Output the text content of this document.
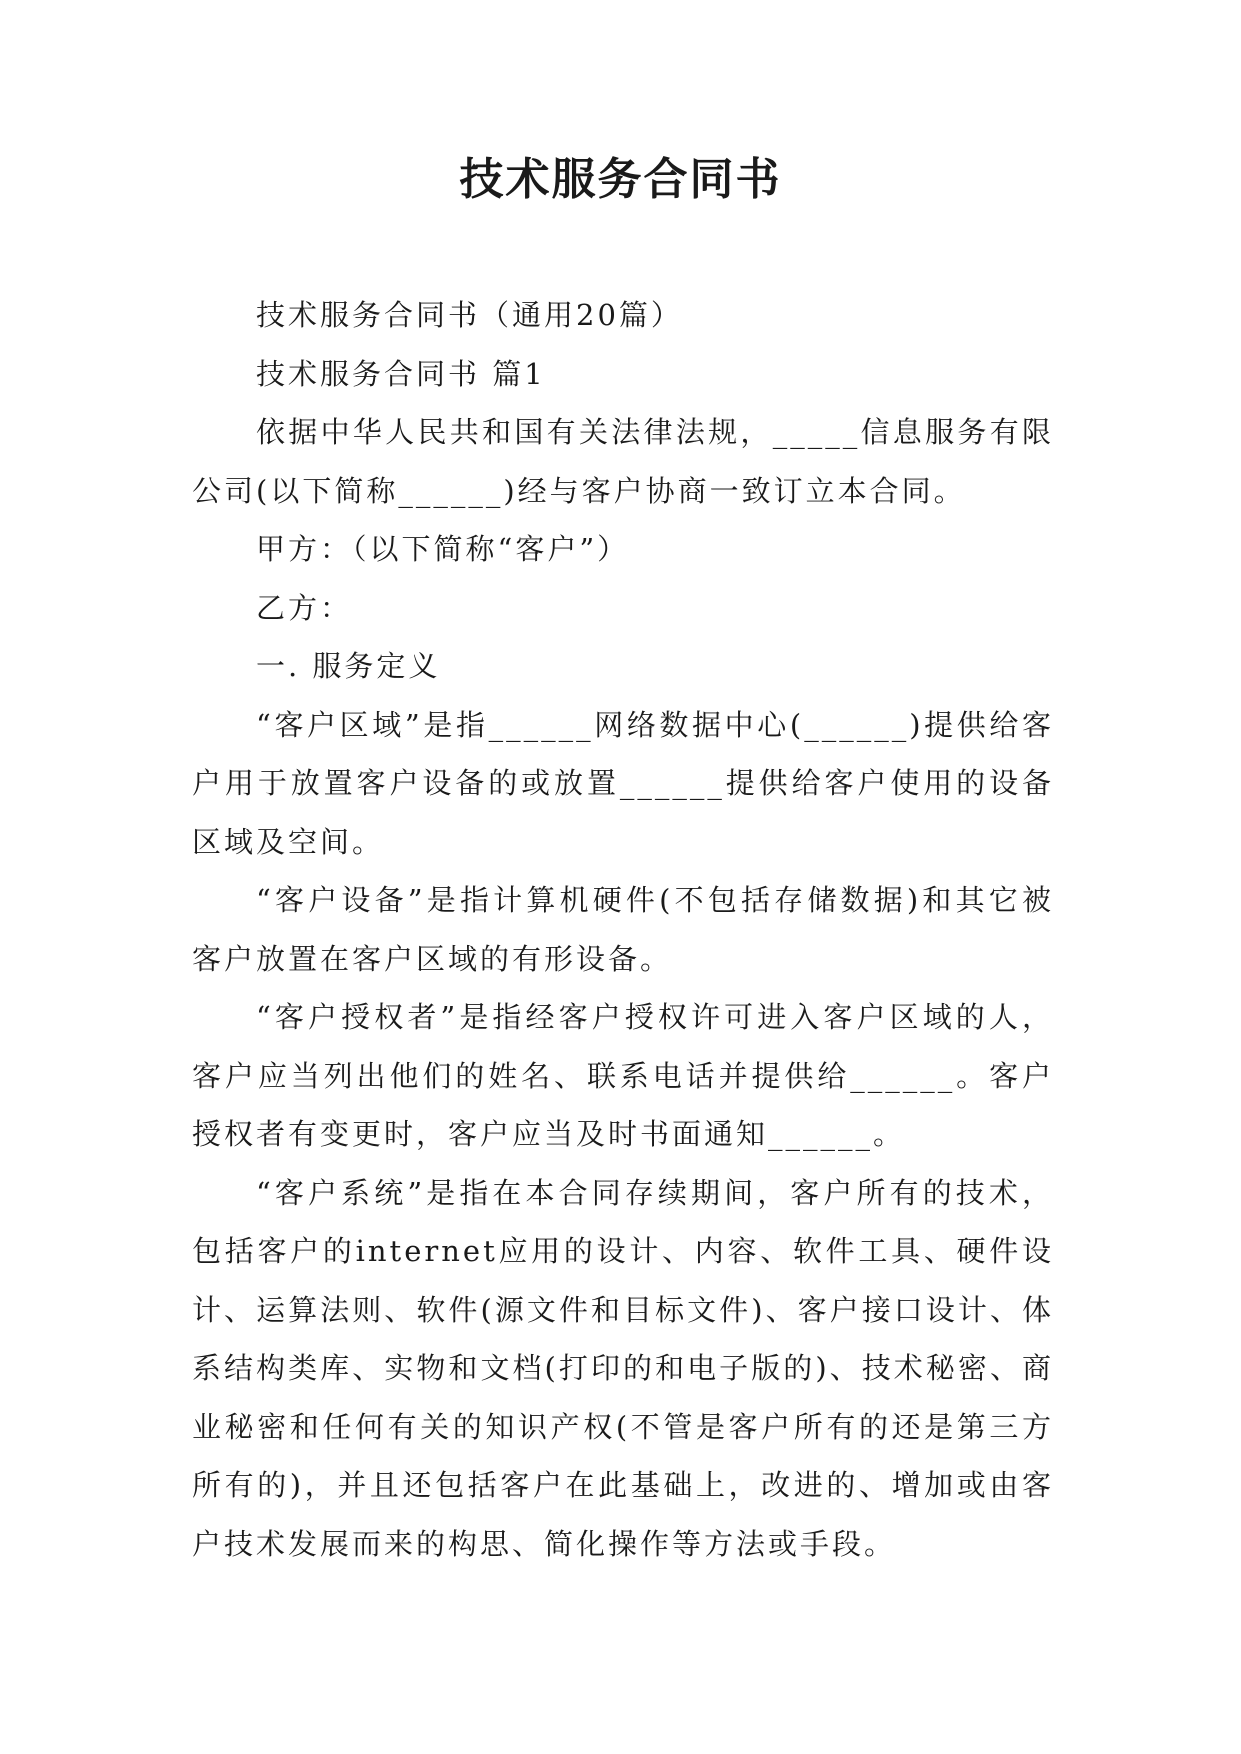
技术服务合同书

技术服务合同书（通用20篇）

技术服务合同书 篇1

依据中华人民共和国有关法律法规，_____信息服务有限公司(以下简称______)经与客户协商一致订立本合同。

甲方：（以下简称“客户”）

乙方：

一. 服务定义

“客户区域”是指______网络数据中心(______)提供给客户用于放置客户设备的或放置______提供给客户使用的设备区域及空间。

“客户设备”是指计算机硬件(不包括存储数据)和其它被客户放置在客户区域的有形设备。

“客户授权者”是指经客户授权许可进入客户区域的人，客户应当列出他们的姓名、联系电话并提供给______。客户授权者有变更时，客户应当及时书面通知______。

“客户系统”是指在本合同存续期间，客户所有的技术，包括客户的internet应用的设计、内容、软件工具、硬件设计、运算法则、软件(源文件和目标文件)、客户接口设计、体系结构类库、实物和文档(打印的和电子版的)、技术秘密、商业秘密和任何有关的知识产权(不管是客户所有的还是第三方所有的)，并且还包括客户在此基础上，改进的、增加或由客户技术发展而来的构思、简化操作等方法或手段。
